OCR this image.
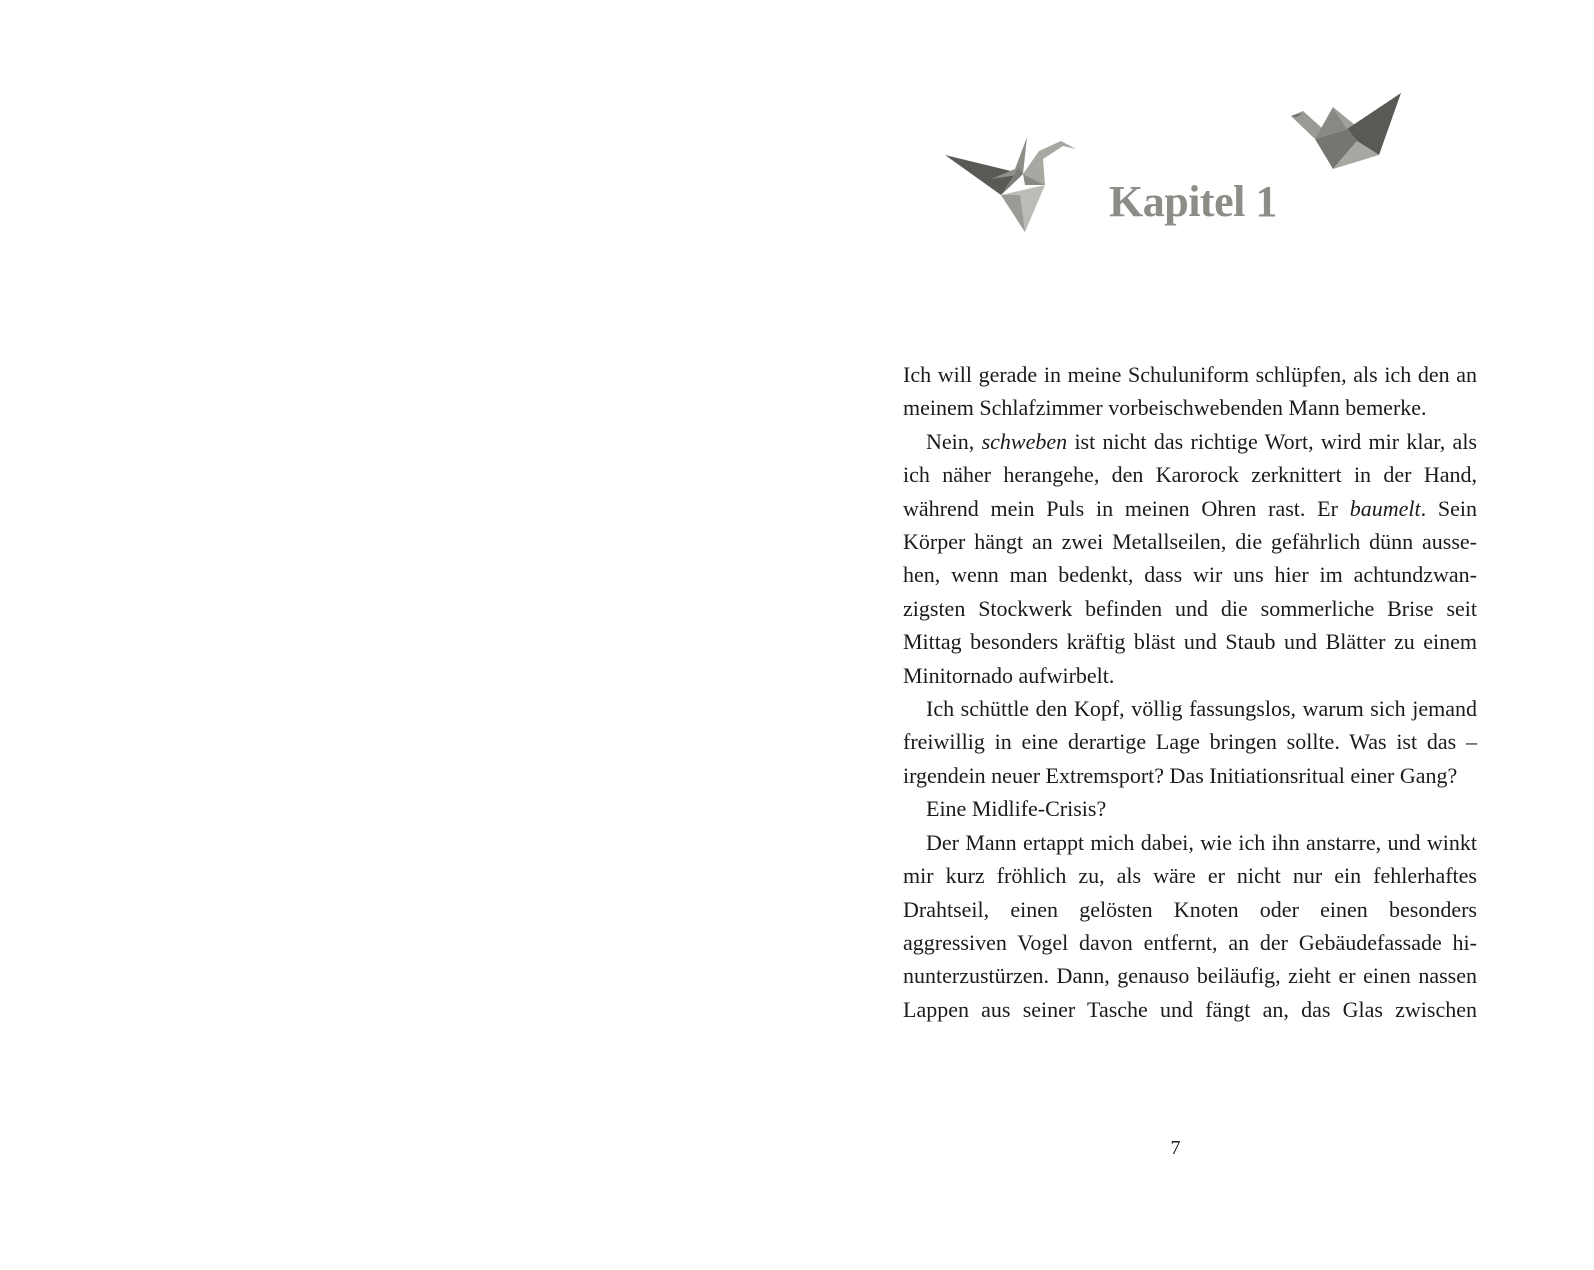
Kapitel 1

Ich will gerade in meine Schuluniform schlüpfen, als ich den an meinem Schlafzimmer vorbeischwebenden Mann bemerke.

Nein, schweben ist nicht das richtige Wort, wird mir klar, als ich näher herangehe, den Karorock zerknittert in der Hand, während mein Puls in meinen Ohren rast. Er baumelt. Sein Körper hängt an zwei Metallseilen, die gefährlich dünn aussehen, wenn man bedenkt, dass wir uns hier im achtundzwanzigsten Stockwerk befinden und die sommerliche Brise seit Mittag besonders kräftig bläst und Staub und Blätter zu einem Minitornado aufwirbelt.

Ich schüttle den Kopf, völlig fassungslos, warum sich jemand freiwillig in eine derartige Lage bringen sollte. Was ist das – irgendein neuer Extremsport? Das Initiationsritual einer Gang?

Eine Midlife-Crisis?

Der Mann ertappt mich dabei, wie ich ihn anstarre, und winkt mir kurz fröhlich zu, als wäre er nicht nur ein fehlerhaftes Drahtseil, einen gelösten Knoten oder einen besonders aggressiven Vogel davon entfernt, an der Gebäudefassade hinunterzustürzen. Dann, genauso beiläufig, zieht er einen nassen Lappen aus seiner Tasche und fängt an, das Glas zwischen

7
